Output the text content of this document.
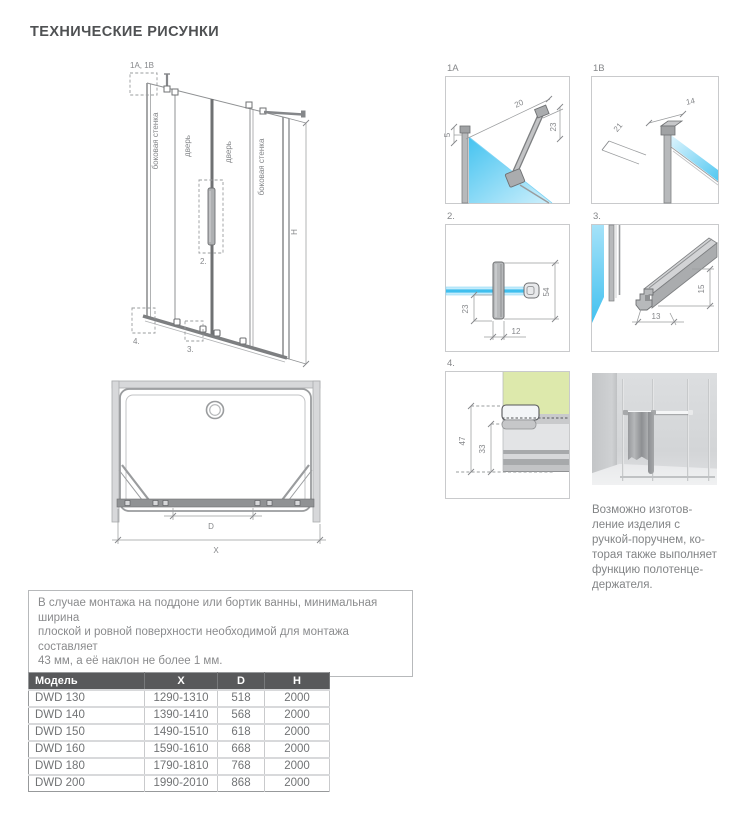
ТЕХНИЧЕСКИЕ РИСУНКИ
H
боковая стенка	дверь	дверь	боковая стенка
1A, 1B
2.
4.
3.
D
X
1A
5
20
23
1B
21
14
2.
23
54
12
3.
15
13
4.
47
33
Возможно изготов-
ление изделия с
ручкой-поручнем, ко-
торая также выполняет
функцию полотенце-
держателя.
В случае монтажа на поддоне или бортик ванны, минимальная ширина
плоской и ровной поверхности необходимой для монтажа составляет
43 мм, а её наклон не более 1 мм.
Модель	X	D	H
DWD 130	1290-1310	518	2000
DWD 140	1390-1410	568	2000
DWD 150	1490-1510	618	2000
DWD 160	1590-1610	668	2000
DWD 180	1790-1810	768	2000
DWD 200	1990-2010	868	2000
